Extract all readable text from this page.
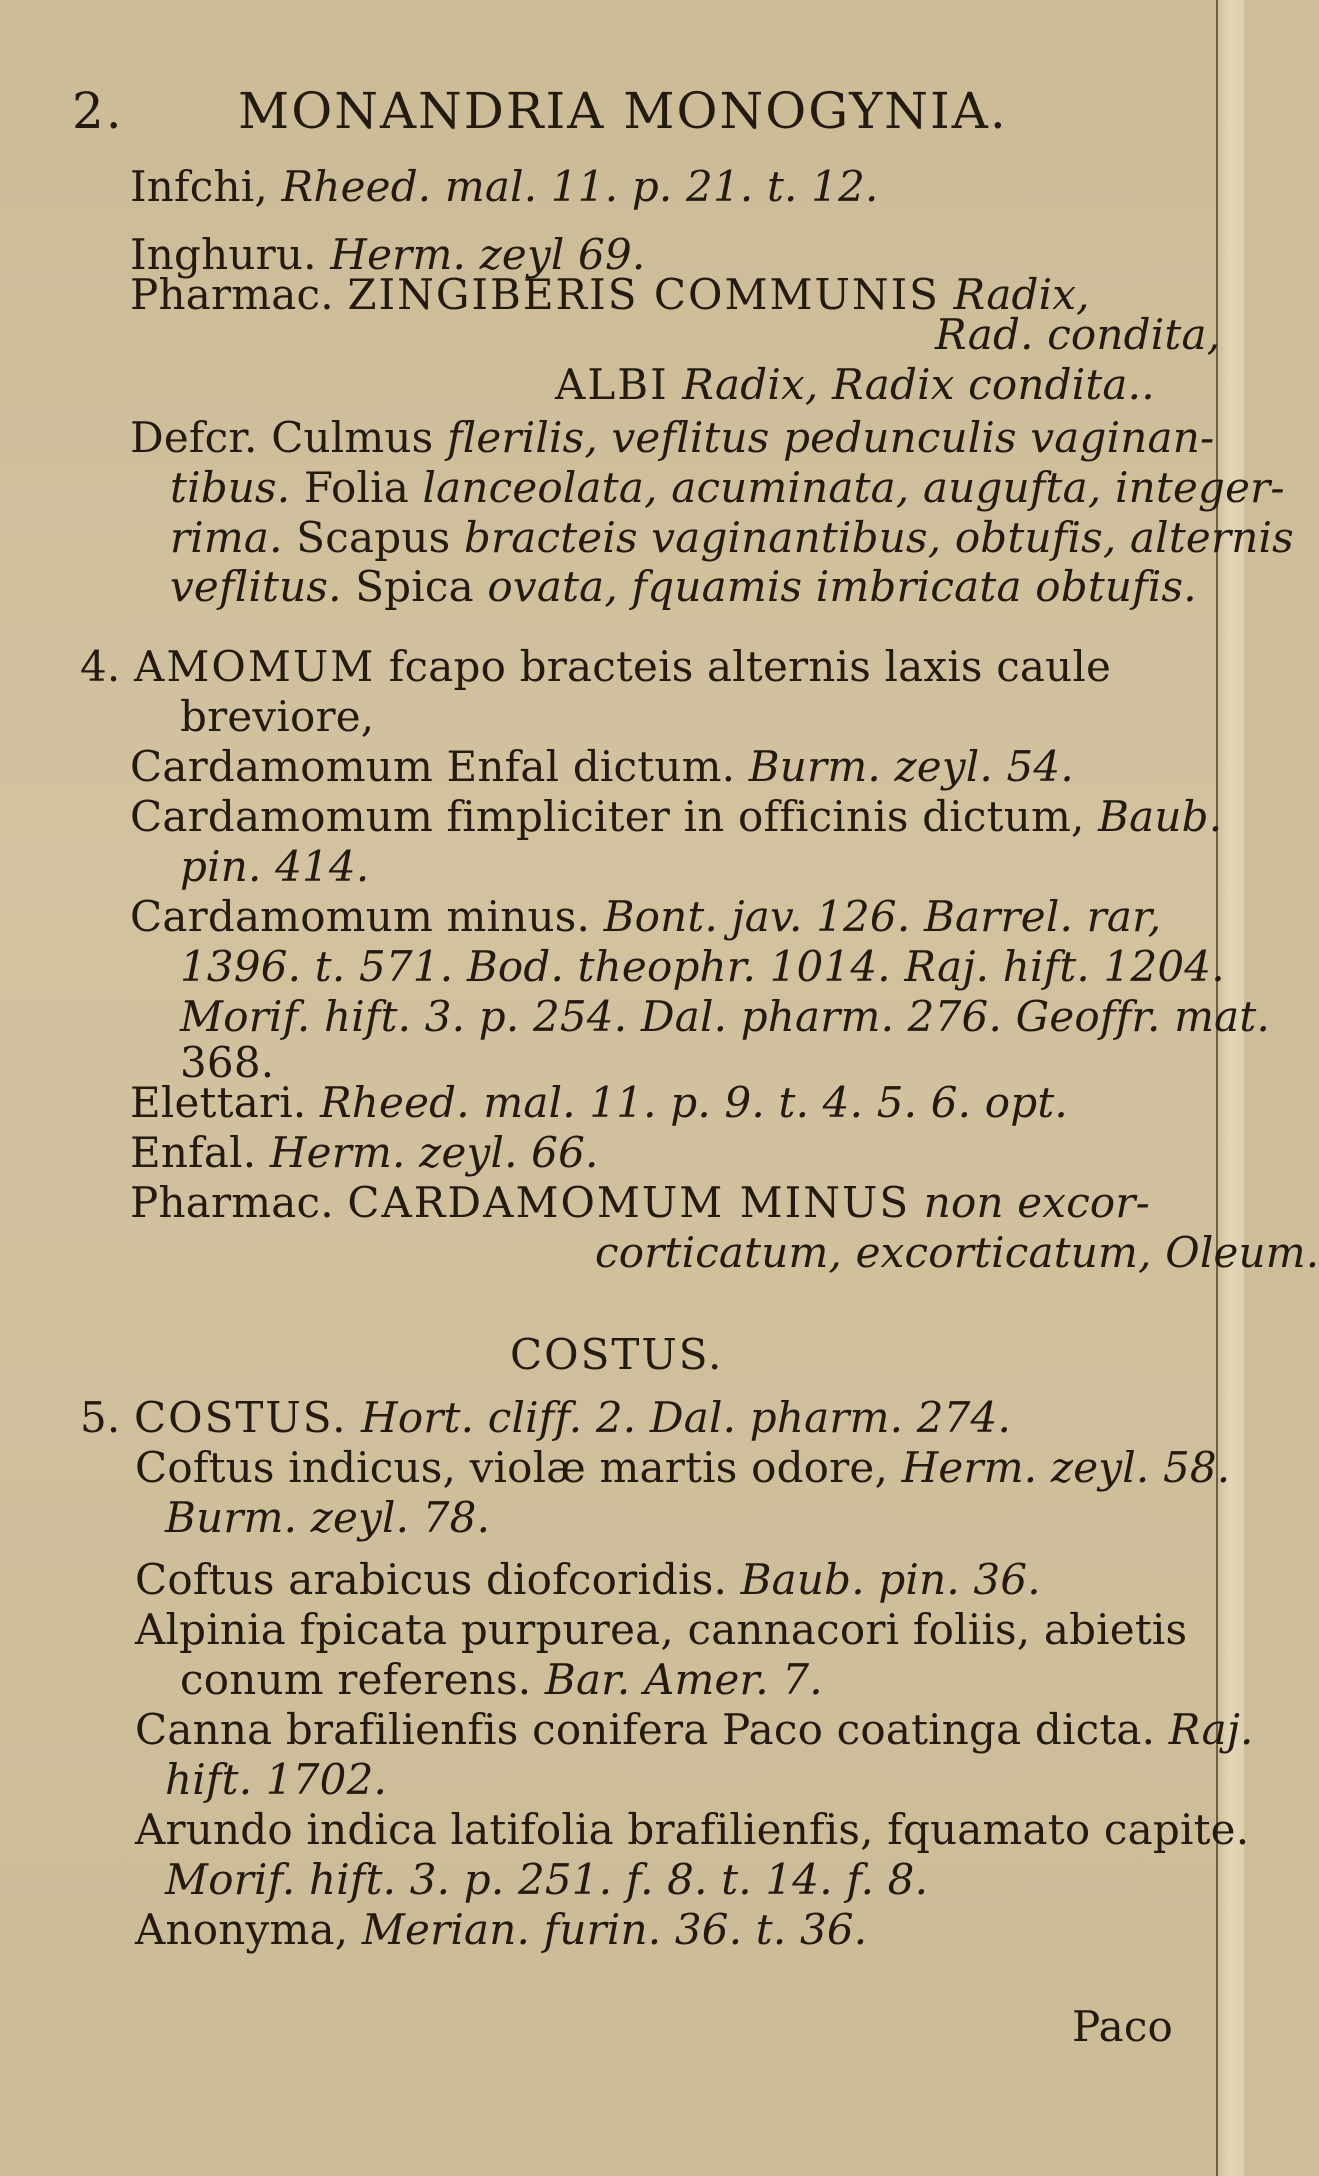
2. MONANDRIA MONOGYNIA.
Infchi, Rheed. mal. 11. p. 21. t. 12.
Inghuru. Herm. zeyl 69.
Pharmac. ZINGIBERIS COMMUNIS Radix,
Rad. condita,
ALBI Radix, Radix condita..
Defcr. Culmus flerilis, veflitus pedunculis vaginan-
tibus. Folia lanceolata, acuminata, augufta, integer-
rima. Scapus bracteis vaginantibus, obtufis, alternis
veflitus. Spica ovata, fquamis imbricata obtufis.
4. AMOMUM fcapo bracteis alternis laxis caule
breviore,
Cardamomum Enfal dictum. Burm. zeyl. 54.
Cardamomum fimpliciter in officinis dictum, Baub.
pin. 414.
Cardamomum minus. Bont. jav. 126. Barrel. rar,
1396. t. 571. Bod. theophr. 1014. Raj. hift. 1204.
Morif. hift. 3. p. 254. Dal. pharm. 276. Geoffr. mat.
368.
Elettari. Rheed. mal. 11. p. 9. t. 4. 5. 6. opt.
Enfal. Herm. zeyl. 66.
Pharmac. CARDAMOMUM MINUS non excor-
corticatum, excorticatum, Oleum.
COSTUS.
5. COSTUS. Hort. cliff. 2. Dal. pharm. 274.
Coftus indicus, violæ martis odore, Herm. zeyl. 58.
Burm. zeyl. 78.
Coftus arabicus diofcoridis. Baub. pin. 36.
Alpinia fpicata purpurea, cannacori foliis, abietis
conum referens. Bar. Amer. 7.
Canna brafilienfis conifera Paco coatinga dicta. Raj.
hift. 1702.
Arundo indica latifolia brafilienfis, fquamato capite.
Morif. hift. 3. p. 251. f. 8. t. 14. f. 8.
Anonyma, Merian. furin. 36. t. 36.
Paco
